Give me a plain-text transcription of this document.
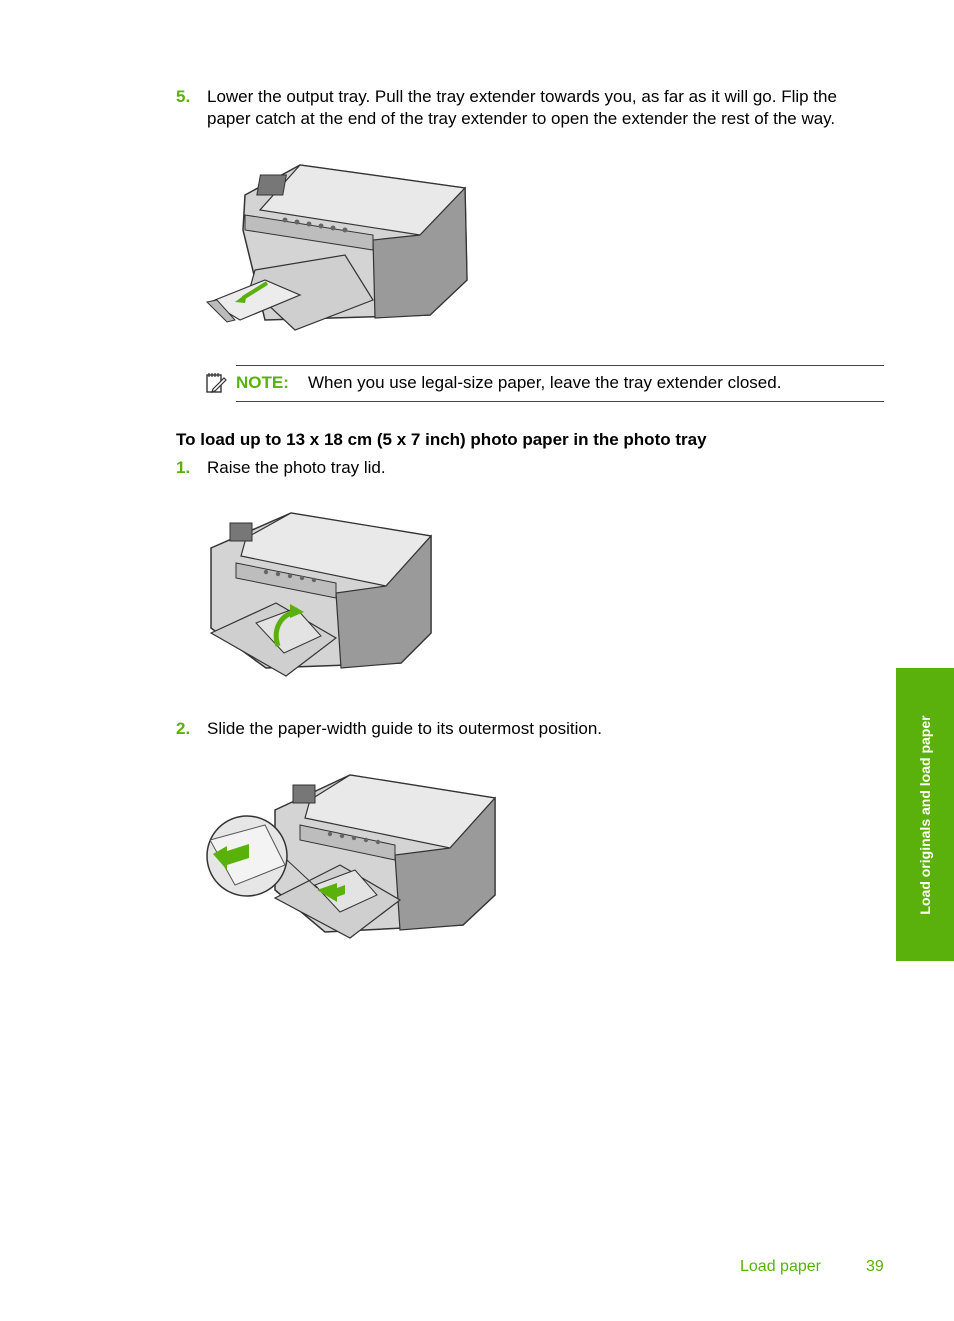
5. Lower the output tray. Pull the tray extender towards you, as far as it will go. Flip the
paper catch at the end of the tray extender to open the extender the rest of the way.
NOTE: When you use legal-size paper, leave the tray extender closed.
To load up to 13 x 18 cm (5 x 7 inch) photo paper in the photo tray
1. Raise the photo tray lid.
2. Slide the paper-width guide to its outermost position.	Load originals and load paper
Load paper	39
